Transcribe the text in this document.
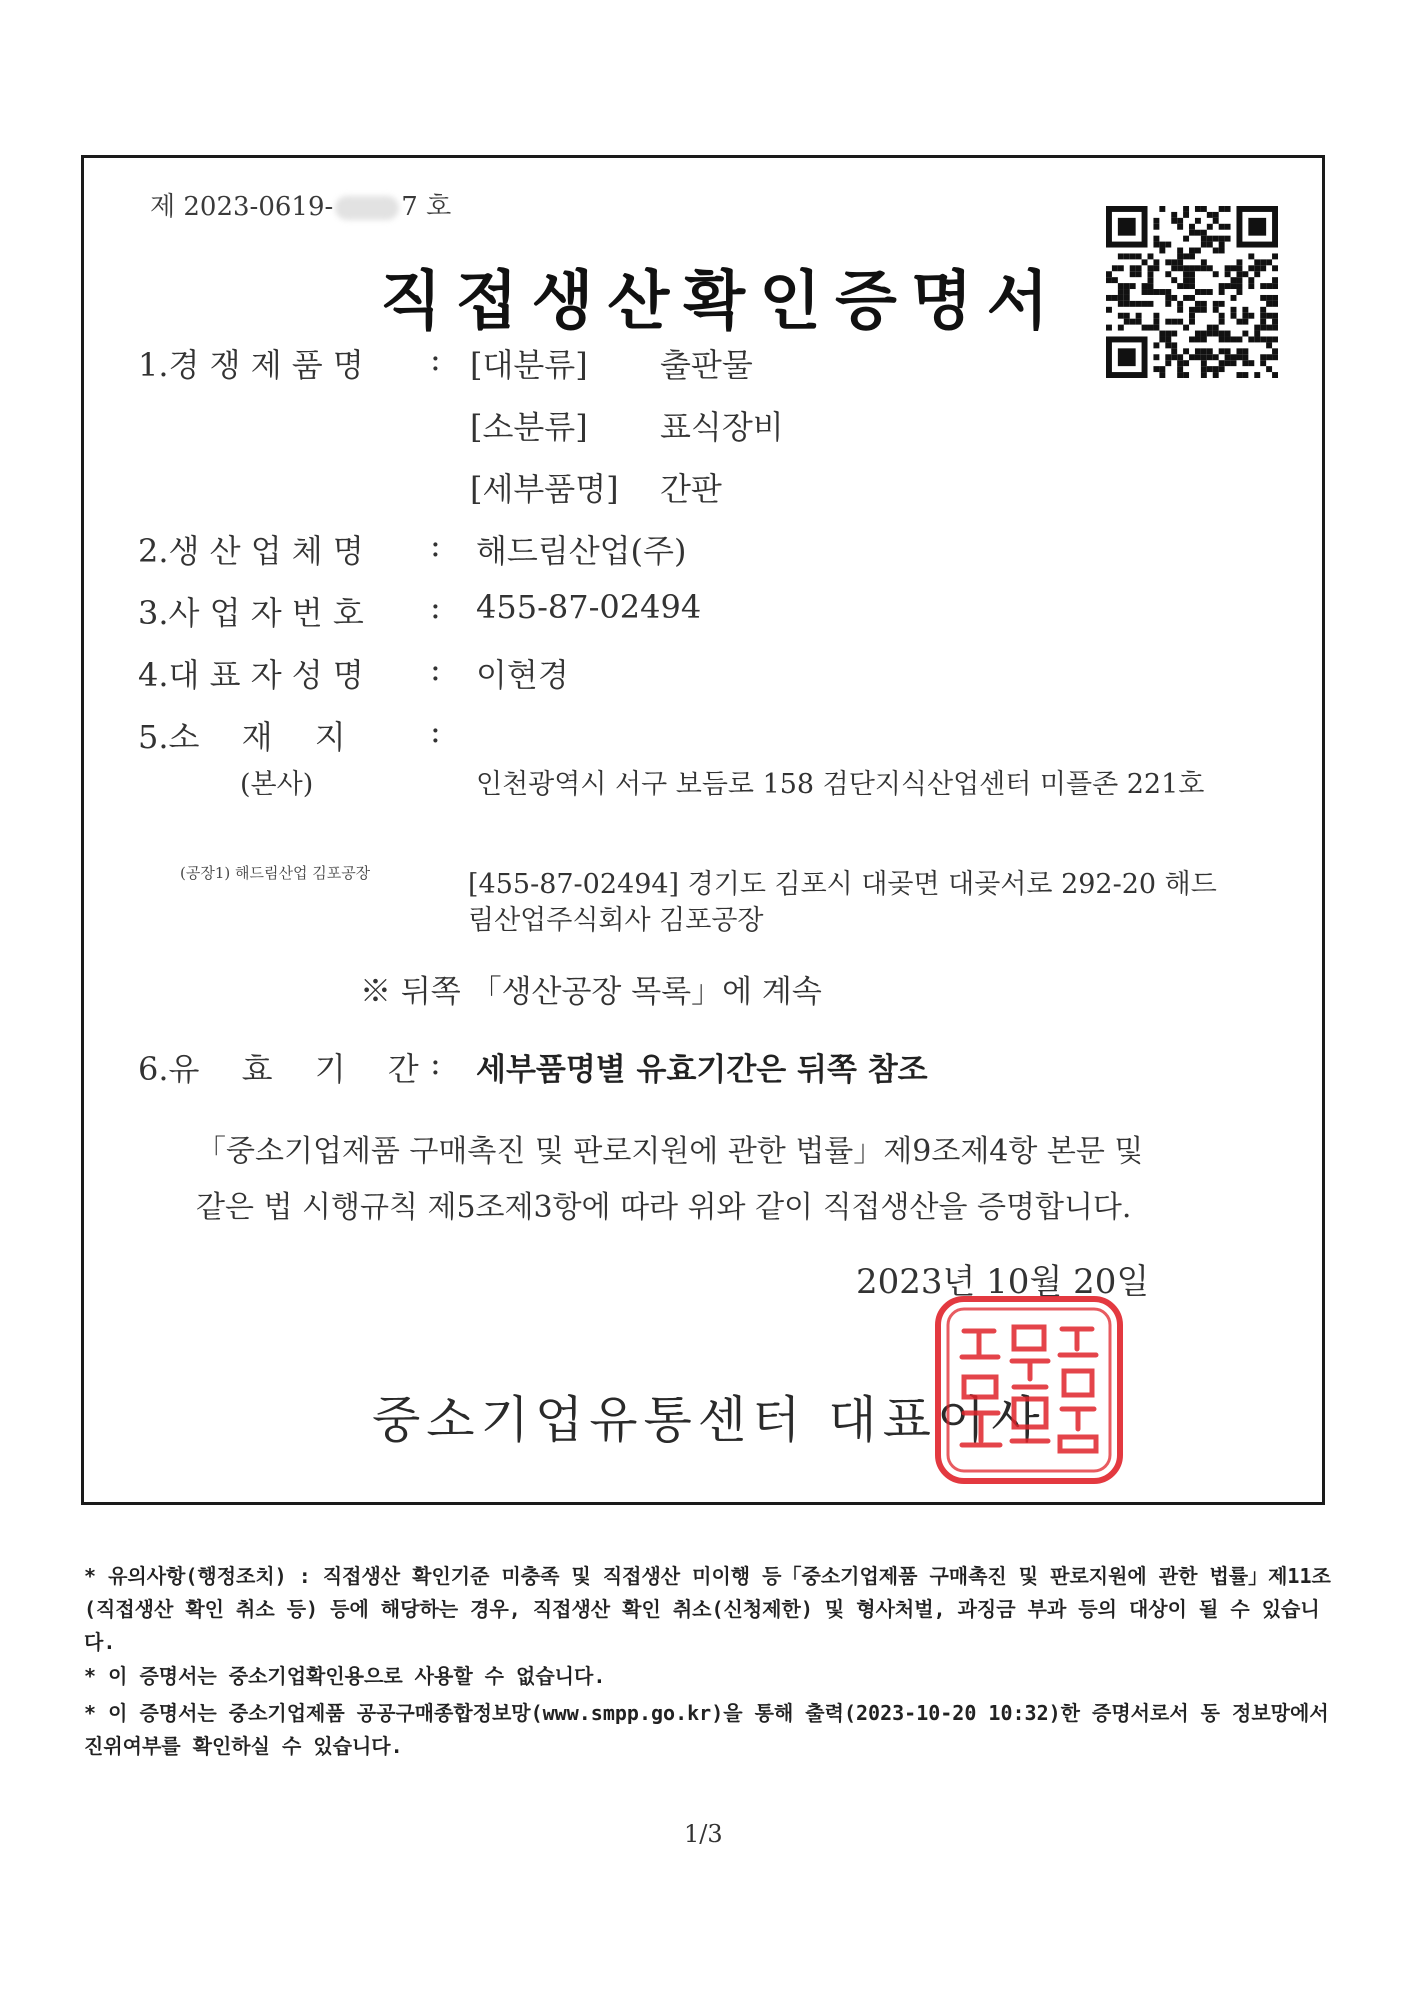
제 2023-0619-	7 호
직접생산확인증명서
1.경 쟁 제 품 명 : [대분류] 출판물
[소분류] 표식장비
[세부품명] 간판
2.생 산 업 체 명 : 해드림산업(주)
3.사 업 자 번 호 : 455-87-02494
4.대 표 자 성 명 : 이현경
5.소　 재　 지	:
(본사)	인천광역시 서구 보듬로 158 검단지식산업센터 미플존 221호
(공장1) 해드림산업 김포공장	[455-87-02494] 경기도 김포시 대곶면 대곶서로 292-20 해드
림산업주식회사 김포공장
※ 뒤쪽 「생산공장 목록」에 계속
6.유　 효　 기　 간 : 세부품명별 유효기간은 뒤쪽 참조
「중소기업제품 구매촉진 및 판로지원에 관한 법률」제9조제4항 본문 및
같은 법 시행규칙 제5조제3항에 따라 위와 같이 직접생산을 증명합니다.
2023년 10월 20일
중소기업유통센터 대표이사
* 유의사항(행정조치) : 직접생산 확인기준 미충족 및 직접생산 미이행 등「중소기업제품 구매촉진 및 판로지원에 관한 법률」제11조(직접생산 확인 취소 등) 등에 해당하는 경우, 직접생산 확인 취소(신청제한) 및 형사처벌, 과징금 부과 등의 대상이 될 수 있습니다.
* 이 증명서는 중소기업확인용으로 사용할 수 없습니다.
* 이 증명서는 중소기업제품 공공구매종합정보망(www.smpp.go.kr)을 통해 출력(2023-10-20 10:32)한 증명서로서 동 정보망에서 진위여부를 확인하실 수 있습니다.
1/3
